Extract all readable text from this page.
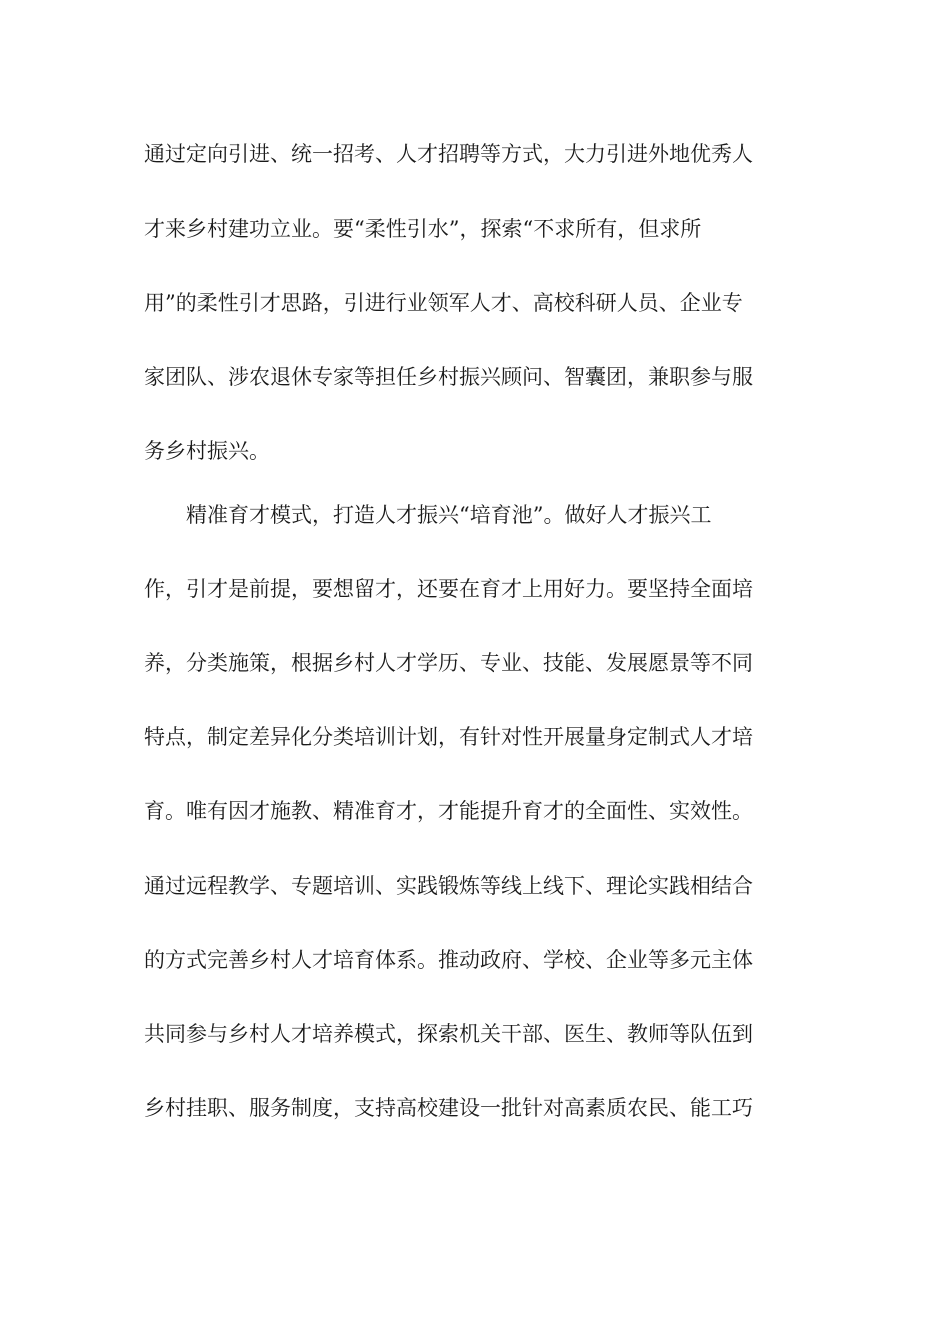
通过定向引进、统一招考、人才招聘等方式，大力引进外地优秀人
才来乡村建功立业。要“柔性引水”，探索“不求所有，但求所
用”的柔性引才思路，引进行业领军人才、高校科研人员、企业专
家团队、涉农退休专家等担任乡村振兴顾问、智囊团，兼职参与服
务乡村振兴。
精准育才模式，打造人才振兴“培育池”。做好人才振兴工
作，引才是前提，要想留才，还要在育才上用好力。要坚持全面培
养，分类施策，根据乡村人才学历、专业、技能、发展愿景等不同
特点，制定差异化分类培训计划，有针对性开展量身定制式人才培
育。唯有因才施教、精准育才，才能提升育才的全面性、实效性。
通过远程教学、专题培训、实践锻炼等线上线下、理论实践相结合
的方式完善乡村人才培育体系。推动政府、学校、企业等多元主体
共同参与乡村人才培养模式，探索机关干部、医生、教师等队伍到
乡村挂职、服务制度，支持高校建设一批针对高素质农民、能工巧
